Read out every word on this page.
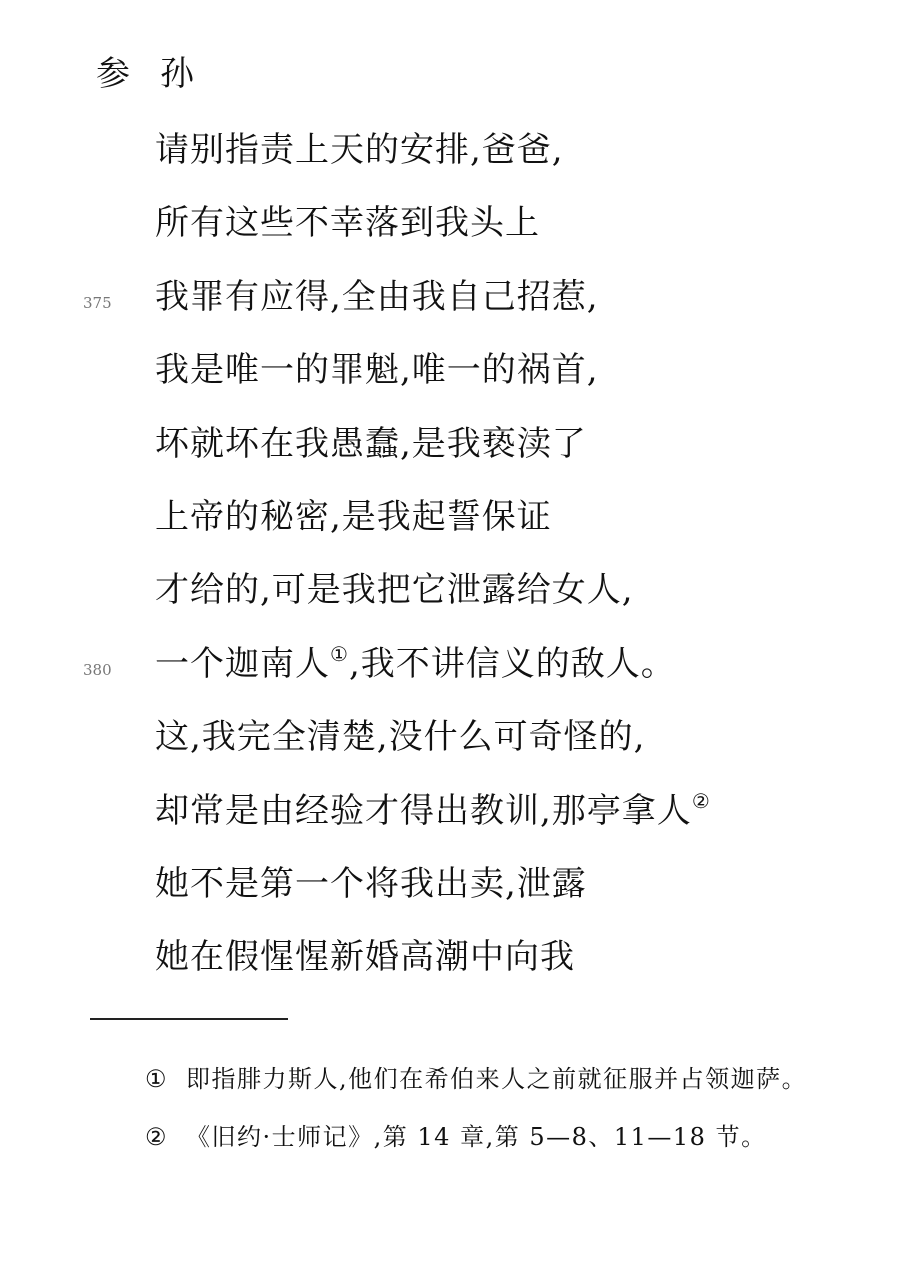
参孙
请别指责上天的安排,爸爸,
所有这些不幸落到我头上
375 我罪有应得,全由我自己招惹,
我是唯一的罪魁,唯一的祸首,
坏就坏在我愚蠢,是我亵渎了
上帝的秘密,是我起誓保证
才给的,可是我把它泄露给女人,
380 一个迦南人①,我不讲信义的敌人。
这,我完全清楚,没什么可奇怪的,
却常是由经验才得出教训,那亭拿人②
她不是第一个将我出卖,泄露
她在假惺惺新婚高潮中向我
① 即指腓力斯人,他们在希伯来人之前就征服并占领迦萨。
② 《旧约·士师记》,第 14 章,第 5—8、11—18 节。
